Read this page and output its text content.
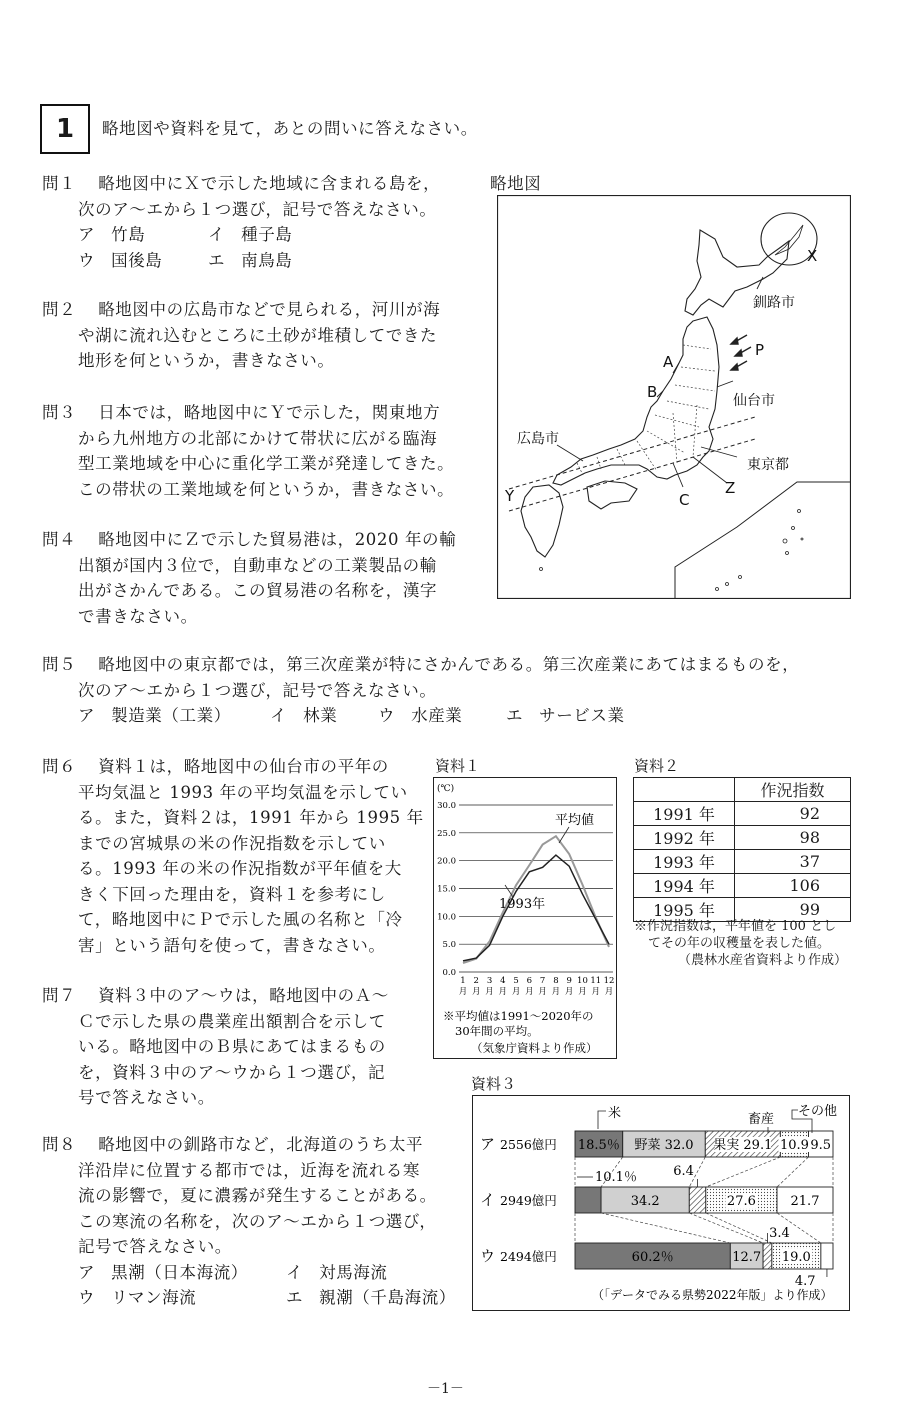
1	略地図や資料を見て，あとの問いに答えなさい。
問１ 略地図中にＸで示した地域に含まれる島を，
次のア～エから１つ選び，記号で答えなさい。
ア 竹島	イ 種子島
ウ 国後島	エ 南鳥島
問２ 略地図中の広島市などで見られる，河川が海
や湖に流れ込むところに土砂が堆積してできた
地形を何というか，書きなさい。
問３ 日本では，略地図中にＹで示した，関東地方
から九州地方の北部にかけて帯状に広がる臨海
型工業地域を中心に重化学工業が発達してきた。
この帯状の工業地域を何というか，書きなさい。
問４ 略地図中にＺで示した貿易港は，2020 年の輸
出額が国内３位で，自動車などの工業製品の輸
出がさかんである。この貿易港の名称を，漢字
で書きなさい。
略地図
X
P
A
B
Y	C
Z
釧路市
仙台市
広島市
東京都
問５ 略地図中の東京都では，第三次産業が特にさかんである。第三次産業にあてはまるものを，
次のア～エから１つ選び，記号で答えなさい。
ア 製造業（工業） イ 林業 ウ 水産業	エ サービス業
問６ 資料１は，略地図中の仙台市の平年の
平均気温と 1993 年の平均気温を示してい
る。また，資料２は，1991 年から 1995 年
までの宮城県の米の作況指数を示してい
る。1993 年の米の作況指数が平年値を大
きく下回った理由を，資料１を参考にし
て，略地図中にＰで示した風の名称と「冷
害」という語句を使って，書きなさい。
問７ 資料３中のア～ウは，略地図中のＡ～
Ｃで示した県の農業産出額割合を示して
いる。略地図中のＢ県にあてはまるもの
を，資料３中のア～ウから１つ選び，記
号で答えなさい。
問８ 略地図中の釧路市など，北海道のうち太平
洋沿岸に位置する都市では，近海を流れる寒
流の影響で，夏に濃霧が発生することがある。
この寒流の名称を，次のア～エから１つ選び，
記号で答えなさい。
ア 黒潮（日本海流） イ 対馬海流
ウ リマン海流	エ 親潮（千島海流）
資料１
(℃)
0.0
5.0
10.0
15.0
20.0
25.0
30.0
1
月
2
月
3
月
4
月
5
月
6
月
7
月
8
月
9
月
10
月
11
月
12
月
平均値
1993年
※平均値は1991～2020年の
30年間の平均。
（気象庁資料より作成）
資料２
	作況指数
1991 年	92
1992 年	98
1993 年	37
1994 年	106
1995 年	99
※作況指数は，平年値を 100 とし
てその年の収穫量を表した値。
（農林水産省資料より作成）
資料３
ア 2556億円
イ 2949億円
ウ 2494億円
18.5％ 野菜 32.0 果実 29.1 10.9 9.5
10.1％
34.2
6.4
27.6	21.7
60.2％	12.7
3.4
19.0
4.7
米	畜産
その他
（「データでみる県勢2022年版」より作成）
－1－
